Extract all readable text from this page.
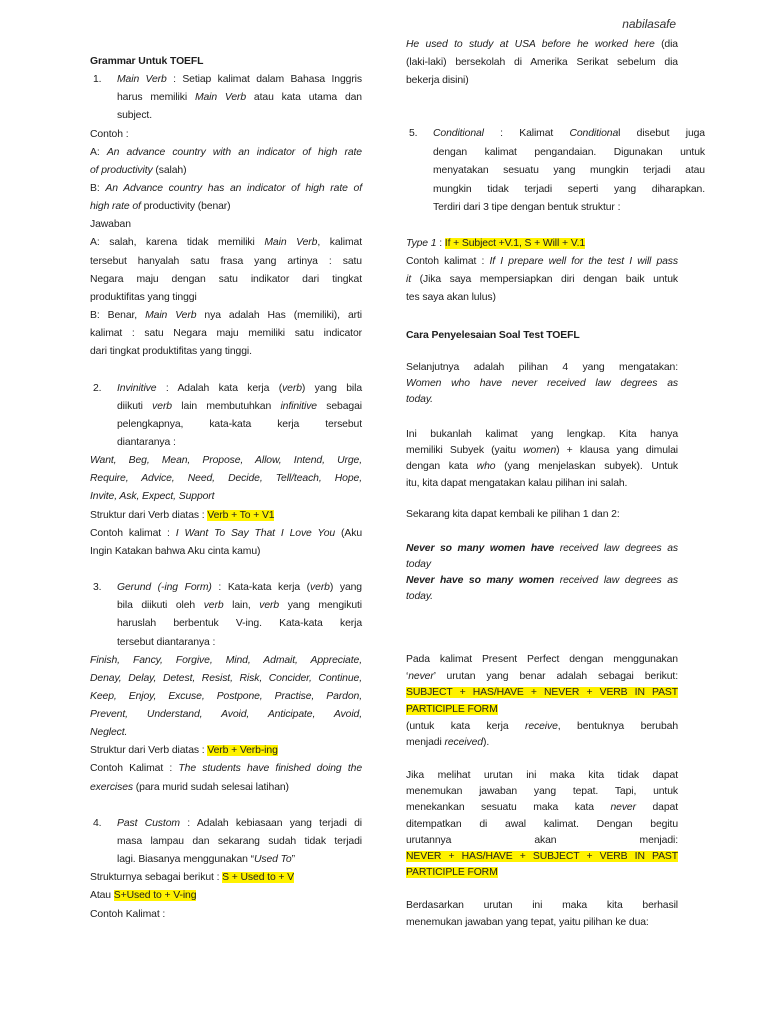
nabilasafe
Grammar Untuk TOEFL
1. Main Verb : Setiap kalimat dalam Bahasa Inggris
harus memiliki Main Verb atau kata utama dan
subject.
Contoh :
A: An advance country with an indicator of high rate
of productivity (salah)
B: An Advance country has an indicator of high rate of
high rate of productivity (benar)
Jawaban
A: salah, karena tidak memiliki Main Verb, kalimat
tersebut hanyalah satu frasa yang artinya : satu
Negara maju dengan satu indikator dari tingkat
produktifitas yang tinggi
B: Benar, Main Verb nya adalah Has (memiliki), arti
kalimat : satu Negara maju memiliki satu indicator
dari tingkat produktifitas yang tinggi.
2. Invinitive : Adalah kata kerja (verb) yang bila
diikuti verb lain membutuhkan infinitive sebagai
pelengkapnya, kata-kata kerja tersebut
diantaranya :
Want, Beg, Mean, Propose, Allow, Intend, Urge,
Require, Advice, Need, Decide, Tell/teach, Hope,
Invite, Ask, Expect, Support
Struktur dari Verb diatas : Verb + To + V1
Contoh kalimat : I Want To Say That I Love You (Aku
Ingin Katakan bahwa Aku cinta kamu)
3. Gerund (-ing Form) : Kata-kata kerja (verb) yang
bila diikuti oleh verb lain, verb yang mengikuti
haruslah berbentuk V-ing. Kata-kata kerja
tersebut diantaranya :
Finish, Fancy, Forgive, Mind, Admait, Appreciate,
Denay, Delay, Detest, Resist, Risk, Concider, Continue,
Keep, Enjoy, Excuse, Postpone, Practise, Pardon,
Prevent, Understand, Avoid, Anticipate, Avoid,
Neglect.
Struktur dari Verb diatas : Verb + Verb-ing
Contoh Kalimat : The students have finished doing the
exercises (para murid sudah selesai latihan)
4. Past Custom : Adalah kebiasaan yang terjadi di
masa lampau dan sekarang sudah tidak terjadi
lagi. Biasanya menggunakan “Used To”
Strukturnya sebagai berikut : S + Used to + V
Atau S+Used to + V-ing
Contoh Kalimat :
He used to study at USA before he worked here (dia
(laki-laki) bersekolah di Amerika Serikat sebelum dia
bekerja disini)
5. Conditional : Kalimat Conditional disebut juga
dengan kalimat pengandaian. Digunakan untuk
menyatakan sesuatu yang mungkin terjadi atau
mungkin tidak terjadi seperti yang diharapkan.
Terdiri dari 3 tipe dengan bentuk struktur :
Type 1 : If + Subject +V.1, S + Will + V.1
Contoh kalimat : If I prepare well for the test I will pass
it (Jika saya mempersiapkan diri dengan baik untuk
tes saya akan lulus)
Cara Penyelesaian Soal Test TOEFL
Selanjutnya adalah pilihan 4 yang mengatakan:
Women who have never received law degrees as
today.
Ini bukanlah kalimat yang lengkap. Kita hanya
memiliki Subyek (yaitu women) + klausa yang dimulai
dengan kata who (yang menjelaskan subyek). Untuk
itu, kita dapat mengatakan kalau pilihan ini salah.
Sekarang kita dapat kembali ke pilihan 1 dan 2:
Never so many women have received law degrees as
today
Never have so many women received law degrees as
today.
Pada kalimat Present Perfect dengan menggunakan
‘never’ urutan yang benar adalah sebagai berikut:
SUBJECT + HAS/HAVE + NEVER + VERB IN PAST
PARTICIPLE FORM
(untuk kata kerja receive, bentuknya berubah
menjadi received).
Jika melihat urutan ini maka kita tidak dapat
menemukan jawaban yang tepat. Tapi, untuk
menekankan sesuatu maka kata never dapat
ditempatkan di awal kalimat. Dengan begitu
urutannya akan menjadi:
NEVER + HAS/HAVE + SUBJECT + VERB IN PAST
PARTICIPLE FORM
Berdasarkan urutan ini maka kita berhasil
menemukan jawaban yang tepat, yaitu pilihan ke dua:
